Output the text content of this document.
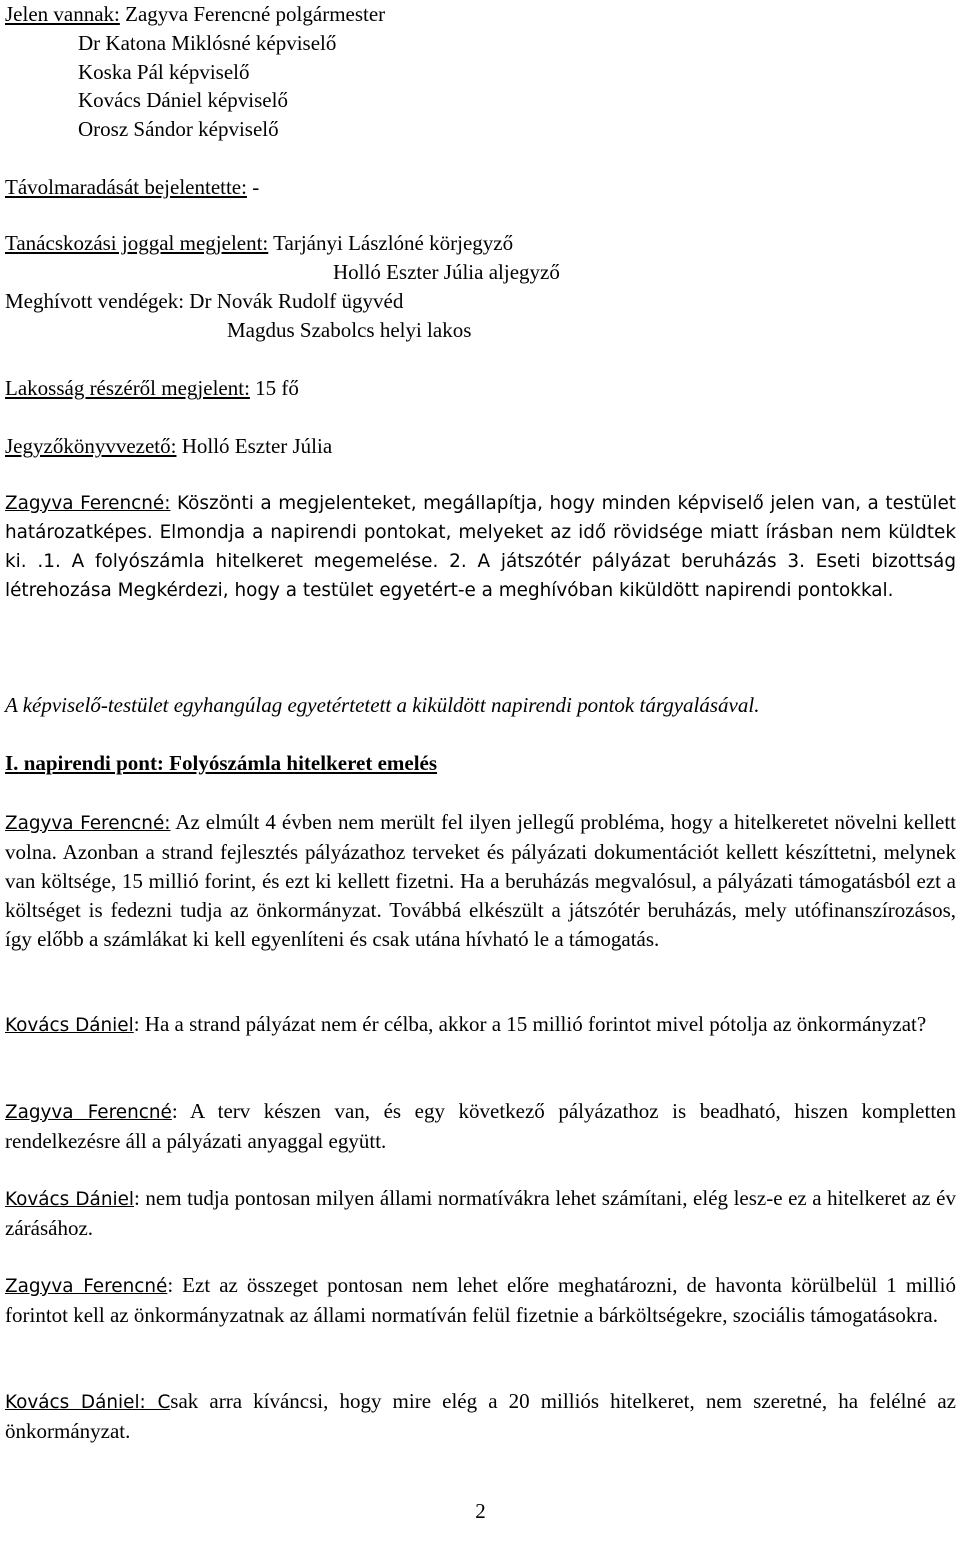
Jelen vannak: Zagyva Ferencné polgármester
Dr Katona Miklósné képviselő
Koska Pál képviselő
Kovács Dániel képviselő
Orosz Sándor képviselő
Távolmaradását bejelentette: -
Tanácskozási joggal megjelent: Tarjányi Lászlóné körjegyző
Holló Eszter Júlia aljegyző
Meghívott vendégek: Dr Novák Rudolf ügyvéd
Magdus Szabolcs helyi lakos
Lakosság részéről megjelent: 15 fő
Jegyzőkönyvvezető: Holló Eszter Júlia

Zagyva Ferencné: Köszönti a megjelenteket, megállapítja, hogy minden képviselő jelen van, a testület határozatképes. Elmondja a napirendi pontokat, melyeket az idő rövidsége miatt írásban nem küldtek ki. .1. A folyószámla hitelkeret megemelése. 2. A játszótér pályázat beruházás 3. Eseti bizottság létrehozása Megkérdezi, hogy a testület egyetért-e a meghívóban kiküldött napirendi pontokkal.

A képviselő-testület egyhangúlag egyetértetett a kiküldött napirendi pontok tárgyalásával.
I. napirendi pont: Folyószámla hitelkeret emelés

Zagyva Ferencné: Az elmúlt 4 évben nem merült fel ilyen jellegű probléma, hogy a hitelkeretet növelni kellett volna. Azonban a strand fejlesztés pályázathoz terveket és pályázati dokumentációt kellett készíttetni, melynek van költsége, 15 millió forint, és ezt ki kellett fizetni. Ha a beruházás megvalósul, a pályázati támogatásból ezt a költséget is fedezni tudja az önkormányzat. Továbbá elkészült a játszótér beruházás, mely utófinanszírozásos, így előbb a számlákat ki kell egyenlíteni és csak utána hívható le a támogatás.

Kovács Dániel: Ha a strand pályázat nem ér célba, akkor a 15 millió forintot mivel pótolja az önkormányzat?

Zagyva Ferencné: A terv készen van, és egy következő pályázathoz is beadható, hiszen kompletten rendelkezésre áll a pályázati anyaggal együtt.

Kovács Dániel: nem tudja pontosan milyen állami normatívákra lehet számítani, elég lesz-e ez a hitelkeret az év zárásához.

Zagyva Ferencné: Ezt az összeget pontosan nem lehet előre meghatározni, de havonta körülbelül 1 millió forintot kell az önkormányzatnak az állami normatíván felül fizetnie a bárköltségekre, szociális támogatásokra.

Kovács Dániel: Csak arra kíváncsi, hogy mire elég a 20 milliós hitelkeret, nem szeretné, ha felélné az önkormányzat.

2
